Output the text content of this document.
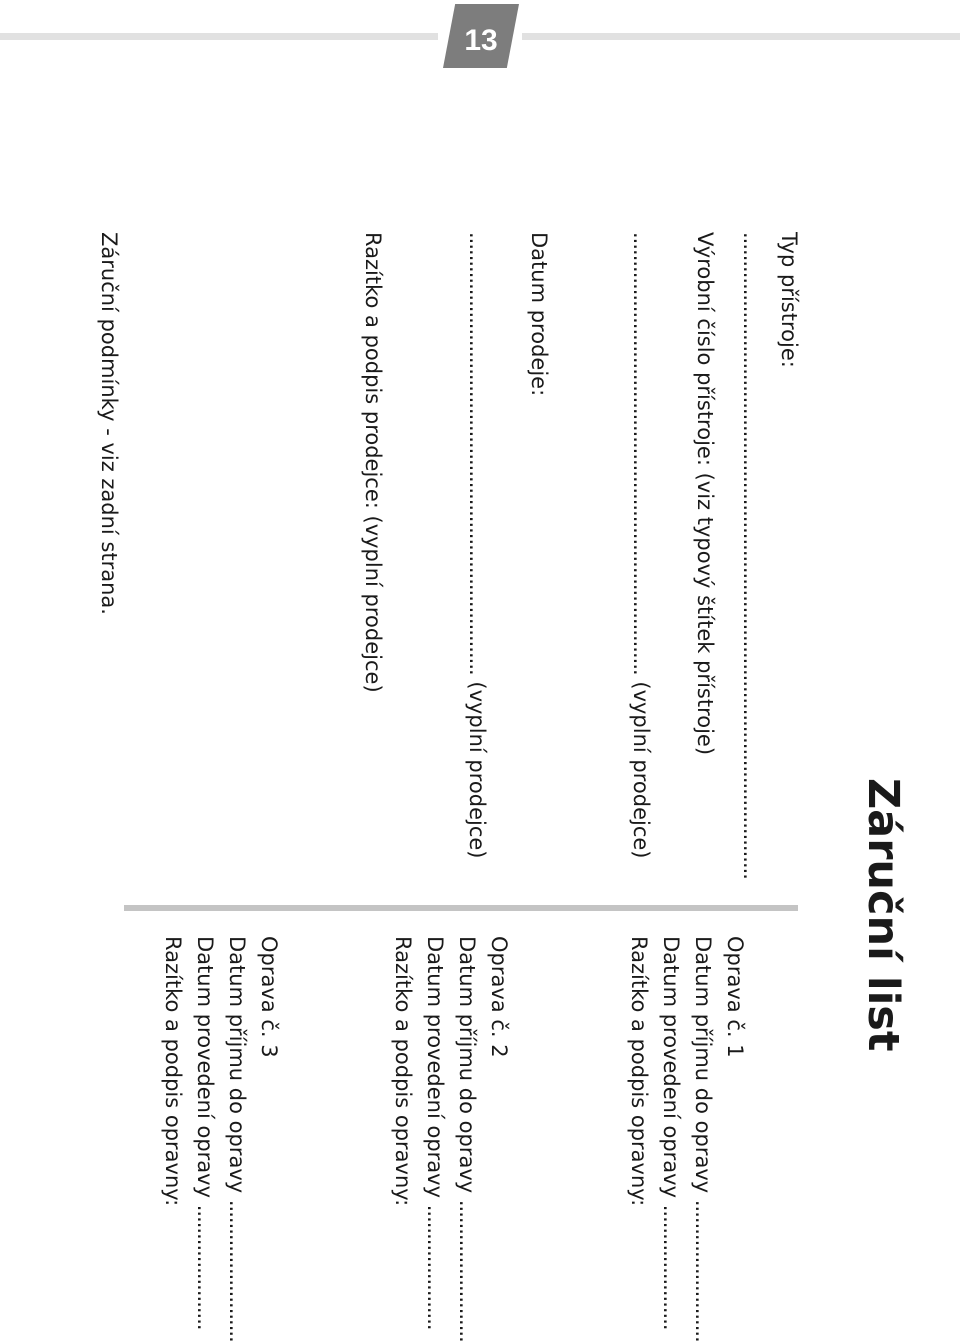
13
Záruční list
Typ přístroje:
..................................................................................................................
Výrobní číslo přístroje: (viz typový štítek přístroje)
.............................................................................. (vyplní prodejce)
Datum prodeje:
.............................................................................. (vyplní prodejce)
Razítko a podpis prodejce: (vyplní prodejce)
Záruční podmínky - viz zadní strana.
Oprava č. 1
Datum příjmu do opravy .........................
Datum provedení opravy ......................
Razítko a podpis opravny:
Oprava č. 2
Datum příjmu do opravy .........................
Datum provedení opravy ......................
Razítko a podpis opravny:
Oprava č. 3
Datum příjmu do opravy .........................
Datum provedení opravy ......................
Razítko a podpis opravny:
